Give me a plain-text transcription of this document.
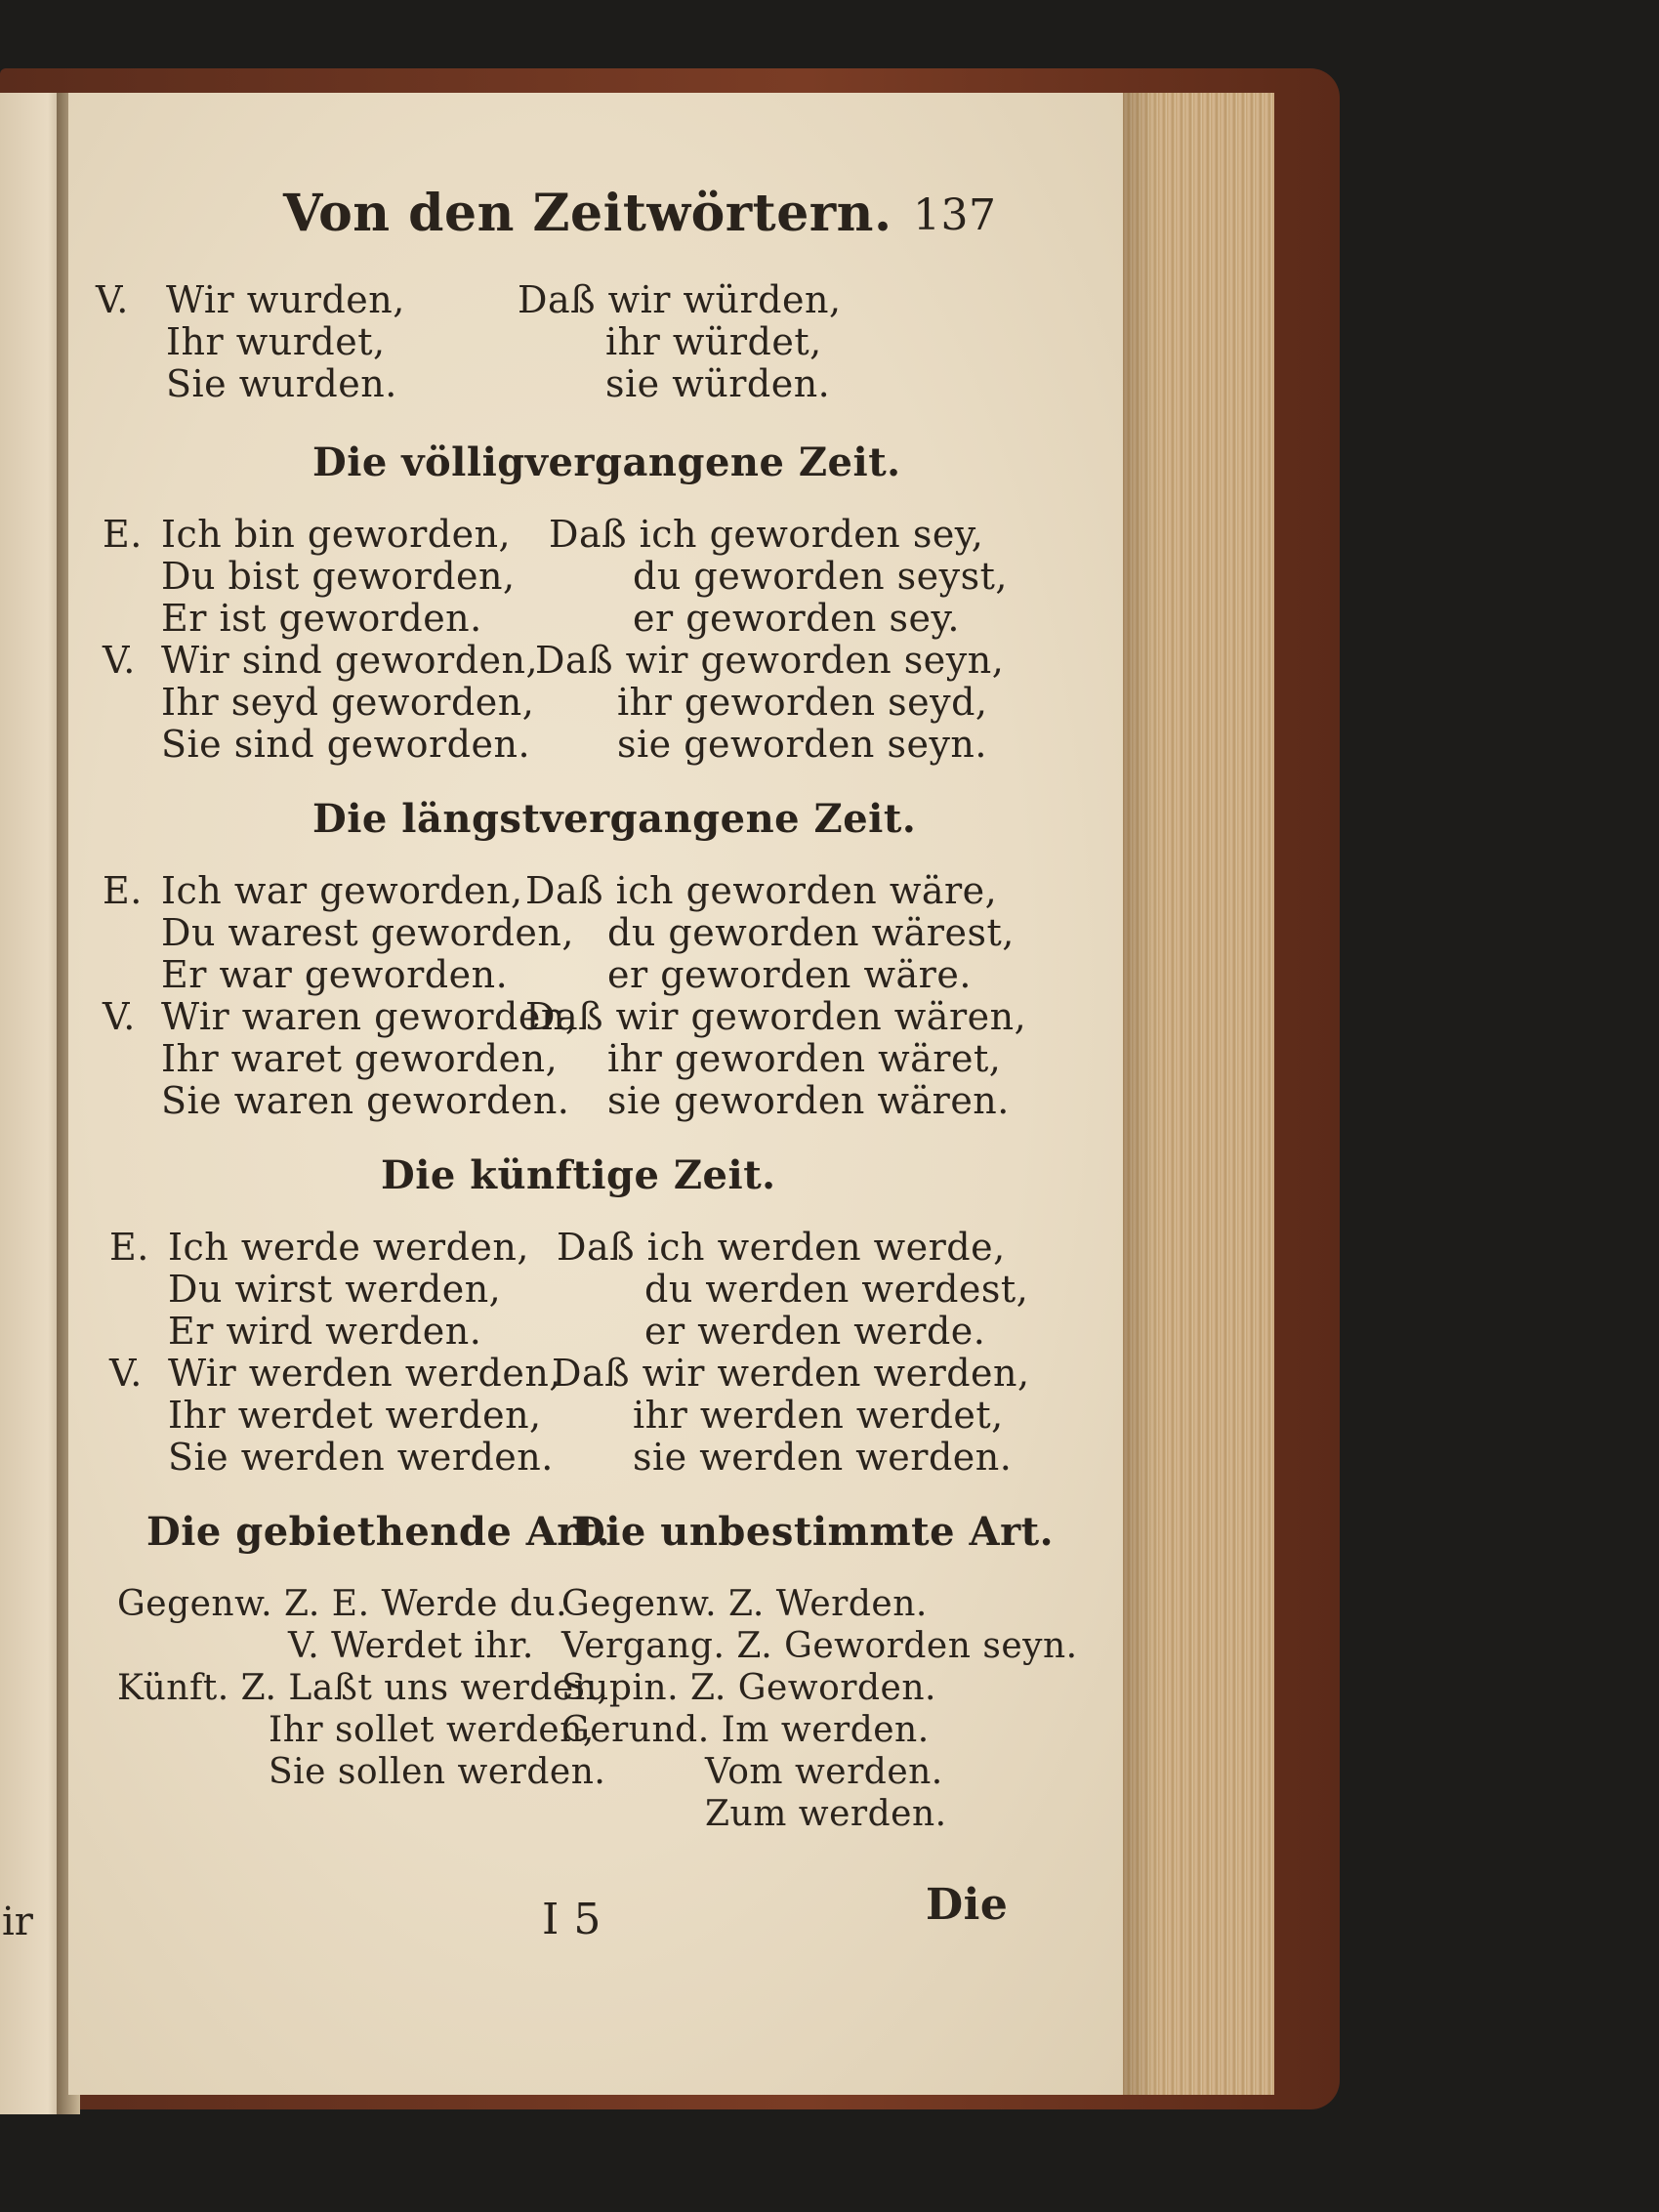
ir
Von den Zeitwörtern. 137
V. Wir wurden,
Ihr wurdet,
Sie wurden.
Daß wir würden,
ihr würdet,
sie würden.
Die völligvergangene Zeit.
E. Ich bin geworden,
Du bist geworden,
Er ist geworden.
V. Wir sind geworden,
Ihr seyd geworden,
Sie sind geworden.
Daß ich geworden sey,
du geworden seyst,
er geworden sey.
Daß wir geworden seyn,
ihr geworden seyd,
sie geworden seyn.
Die längstvergangene Zeit.
E. Ich war geworden,
Du warest geworden,
Er war geworden.
V. Wir waren geworden,
Ihr waret geworden,
Sie waren geworden.
Daß ich geworden wäre,
du geworden wärest,
er geworden wäre.
Daß wir geworden wären,
ihr geworden wäret,
sie geworden wären.
Die künftige Zeit.
E. Ich werde werden,
Du wirst werden,
Er wird werden.
V. Wir werden werden,
Ihr werdet werden,
Sie werden werden.
Daß ich werden werde,
du werden werdest,
er werden werde.
Daß wir werden werden,
ihr werden werdet,
sie werden werden.
Die gebiethende Art.
Die unbestimmte Art.
Gegenw. Z. E. Werde du.
V. Werdet ihr.
Künft. Z. Laßt uns werden,
Ihr sollet werden,
Sie sollen werden.
Gegenw. Z. Werden.
Vergang. Z. Geworden seyn.
Supin. Z. Geworden.
Gerund. Im werden.
Vom werden.
Zum werden.
I 5	Die
